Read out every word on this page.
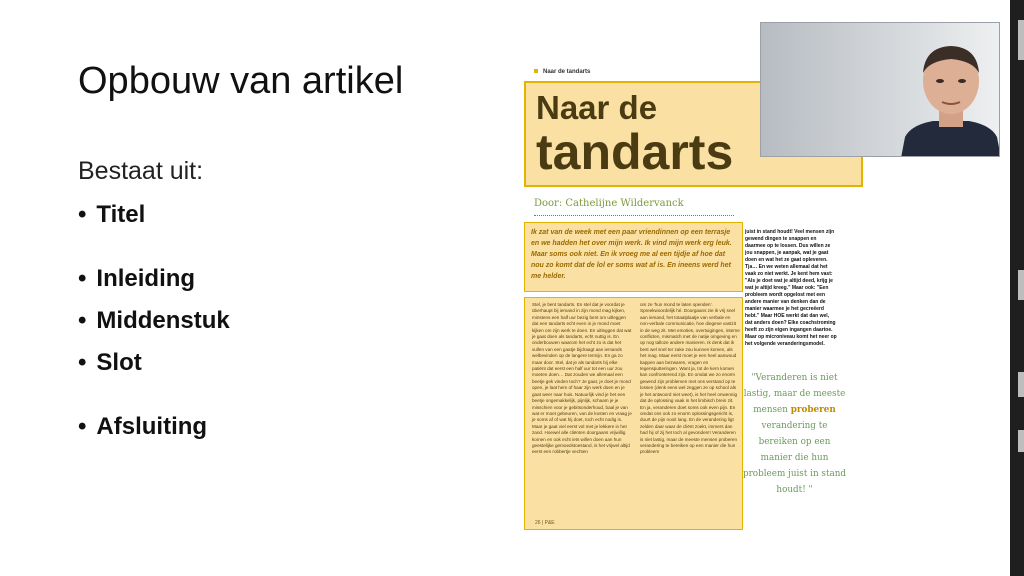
Opbouw van artikel
Bestaat uit:
• Titel
• Inleiding
• Middenstuk
• Slot
• Afsluiting
Naar de tandarts
Naar de
tandarts
Door: Cathelijne Wildervanck
Ik zat van de week met een paar vriendinnen op een terrasje en we hadden het over mijn werk. Ik vind mijn werk erg leuk. Maar soms ook niet. En ik vroeg me al een tijdje af hoe dat nou zo komt dat de lol er soms wat af is. En ineens werd het me helder.
Stel, je bent tandarts. En stel dat je voordat je überhaupt bij iemand in zijn mond mag kijken, minstens een half uur bezig bent om uitleggen dat een tandarts echt even in je mond moet kijken om zijn werk te doen. En uitleggen dat wat je gaat doen als tandarts, echt nuttig is. En onderbouwen waarom het echt zo is dat het vullen van een gaatje bijdraagt aan iemands welbevinden op de langere termijn. En ga zo maar door. Stel, dat je als tandarts bij elke patiënt dat eerst een half uur tot een uur zou moeten doen… Dat zouden we allemaal een beetje gek vinden toch? Je gaat, je doet je mond open, je laat hem of haar zijn werk doen en je gaat weer naar huis. Natuurlijk vind je het een beetje ongemakkelijk, pijnlijk, schaam je je misschien voor je gebitsonderhoud, baal je van wat er moet gebeuren, van de kosten en vraag je je soms af of wat hij doet, toch echt nodig is. Maar je gaat viel eerst vol met je lekkere in het zand. Hoewel alle cliënten doorgaans vrijwillig komen en ook echt iets willen doen aan hun geestelijke gemoedstoestand, is het vrijwel altijd eerst een robbertje vechten
om ze 'hun mond te laten openden'. Spreekwoordelijk hé. Doorgaans zie ik vrij snel aan iemand, het totaalplaatje van verbale en non-verbale communicatie, hoe diegene vastzit in de weg zit. Met emoties, overtuigingen, interne conflicten, mismatch met de natije omgeving en op nog talloze andere manieren. Ik denk dat ik best wel snel ter zake zou kunnen komen, als het mag. Maar eerst moet je een heel aanwoud kappen aan bezwaren, vragen en tegensputteringen. Want ja, tot de kern komen kan confronterend zijn. En omdat we zo enorm gewend zijn problemen met ons verstand op te lossen (denk eens wel zeggen ze op school als je het antwoord niet weet), is het heel onwennig dat de oplossing vaak in het limbisch brein zit. En ja, veranderen doet soms ook even pijn. En omdat ons ook zo enorm oplossingsgericht is, duurt de pijn nooit lang. En de verandering ligt zelden daar waar de cliënt zoekt, immers dan had hij of zij het toch al gevonden!! Veranderen is niet lastig, maar de meeste mensen proberen verandering te bereiken op een manier die hun probleem
26 | P&E
juist in stand houdt! Veel mensen zijn gewend dingen te snappen en daarmee op te lossen. Dus willen ze jou snappen, je aanpak, wat je gaat doen en wat het ze gaat opleveren. Tja… En we weten allemaal dat het vaak zo niet werkt. Je kent hem vast: "Als je doet wat je altijd deed, krijg je wat je altijd kreeg." Maar ook: "Een probleem wordt opgelost met een andere manier van denken dan de manier waarmee je het gecreëerd hebt." Maar HOE werkt dat dan wel, dat anders doen? Elke coachstroming heeft zo zijn eigen ingangen daartoe. Maar op microniveau komt het neer op het volgende veranderingsmodel.
"Veranderen is niet lastig, maar de meeste mensen proberen verandering te bereiken op een manier die hun probleem juist in stand houdt! "
